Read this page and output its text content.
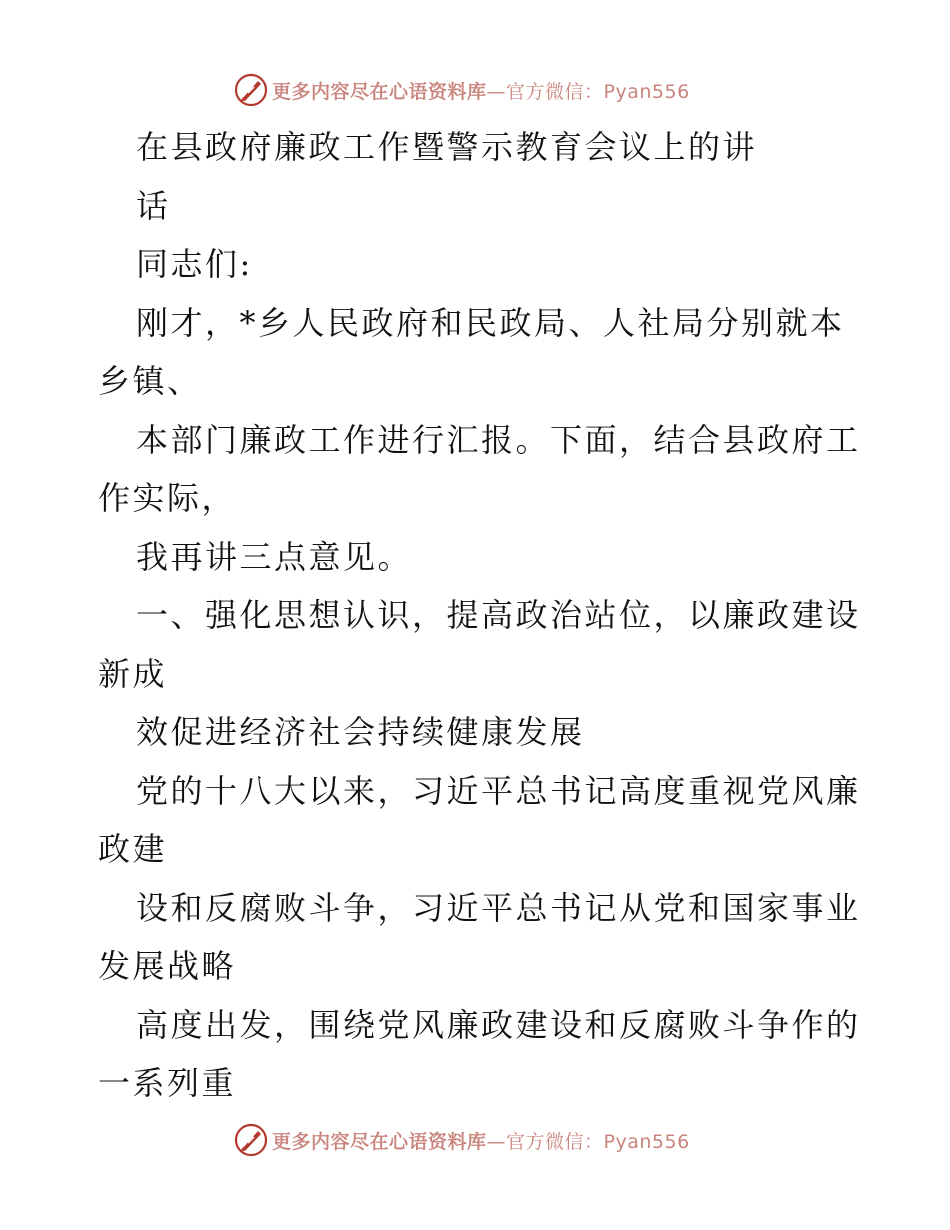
更多内容尽在心语资料库 —官方微信：Pyan556
在县政府廉政工作暨警示教育会议上的讲
话
同志们:
刚才，*乡人民政府和民政局、人社局分别就本
乡镇、
本部门廉政工作进行汇报。下面，结合县政府工
作实际，
我再讲三点意见。
一、强化思想认识，提高政治站位，以廉政建设
新成
效促进经济社会持续健康发展
党的十八大以来，习近平总书记高度重视党风廉
政建
设和反腐败斗争，习近平总书记从党和国家事业
发展战略
高度出发，围绕党风廉政建设和反腐败斗争作的
一系列重
更多内容尽在心语资料库 —官方微信：Pyan556
